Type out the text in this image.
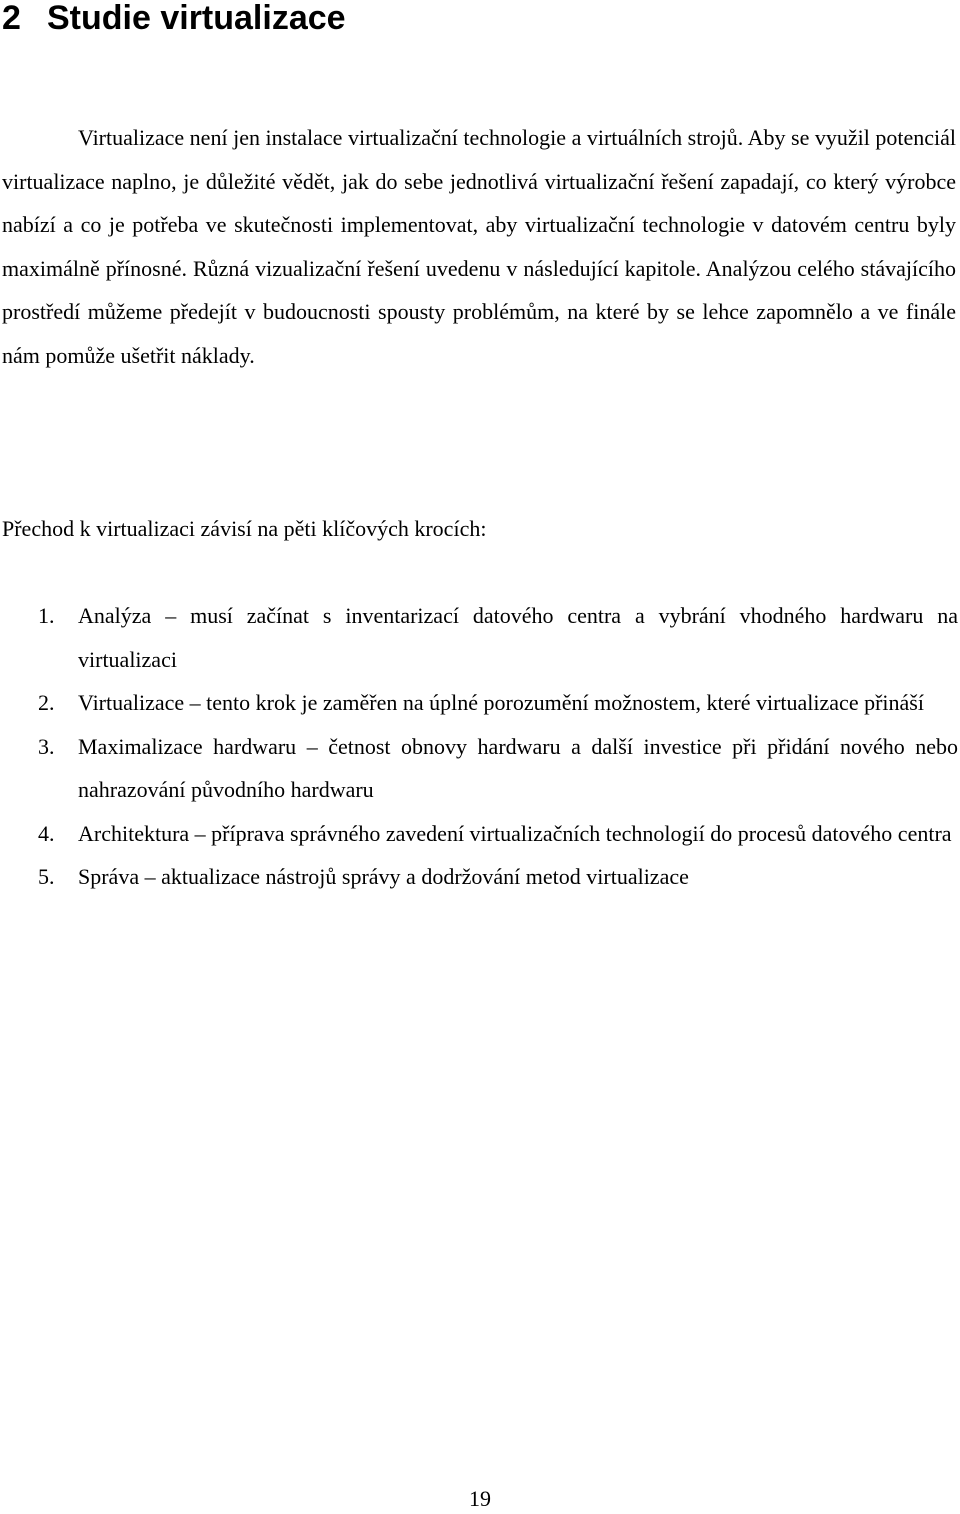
2 Studie virtualizace

Virtualizace není jen instalace virtualizační technologie a virtuálních strojů. Aby se využil potenciál virtualizace naplno, je důležité vědět, jak do sebe jednotlivá virtualizační řešení zapadají, co který výrobce nabízí a co je potřeba ve skutečnosti implementovat, aby virtualizační technologie v datovém centru byly maximálně přínosné. Různá vizualizační řešení uvedenu v následující kapitole. Analýzou celého stávajícího prostředí můžeme předejít v budoucnosti spousty problémům, na které by se lehce zapomnělo a ve finále nám pomůže ušetřit náklady.

Přechod k virtualizaci závisí na pěti klíčových krocích:

1. Analýza – musí začínat s inventarizací datového centra a vybrání vhodného hardwaru na virtualizaci
2. Virtualizace – tento krok je zaměřen na úplné porozumění možnostem, které virtualizace přináší
3. Maximalizace hardwaru – četnost obnovy hardwaru a další investice při přidání nového nebo nahrazování původního hardwaru
4. Architektura – příprava správného zavedení virtualizačních technologií do procesů datového centra
5. Správa – aktualizace nástrojů správy a dodržování metod virtualizace
19
